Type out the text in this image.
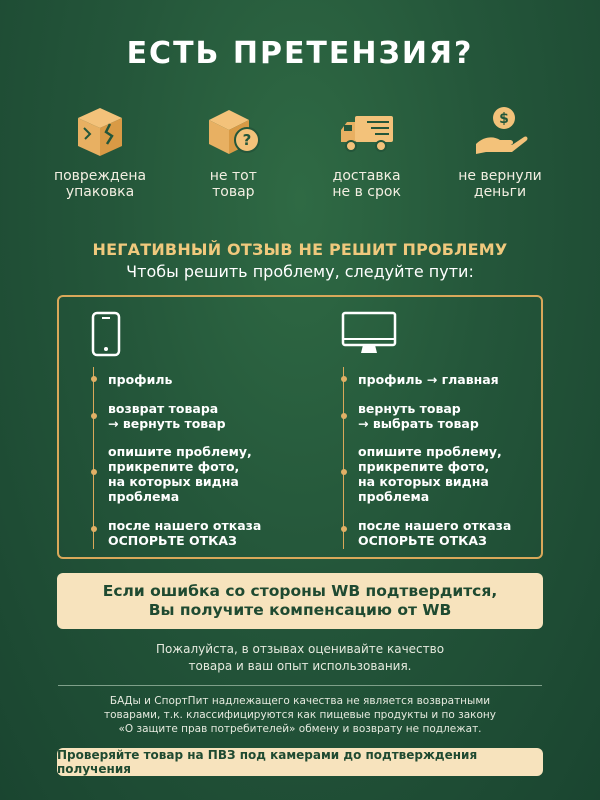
ЕСТЬ ПРЕТЕНЗИЯ?
повреждена
упаковка
?
не тот
товар
доставка
не в срок
$
не вернули
деньги
НЕГАТИВНЫЙ ОТЗЫВ НЕ РЕШИТ ПРОБЛЕМУ
Чтобы решить проблему, следуйте пути:
профиль
возврат товара
→ вернуть товар
опишите проблему,
прикрепите фото,
на которых видна
проблема
после нашего отказа
ОСПОРЬТЕ ОТКАЗ
профиль → главная
вернуть товар
→ выбрать товар
опишите проблему,
прикрепите фото,
на которых видна
проблема
после нашего отказа
ОСПОРЬТЕ ОТКАЗ
Если ошибка со стороны WB подтвердится,
Вы получите компенсацию от WB
Пожалуйста, в отзывах оценивайте качество
товара и ваш опыт использования.
БАДы и СпортПит надлежащего качества не является возвратными
товарами, т.к. классифицируются как пищевые продукты и по закону
«О защите прав потребителей» обмену и возврату не подлежат.
Проверяйте товар на ПВЗ под камерами до подтверждения получения
